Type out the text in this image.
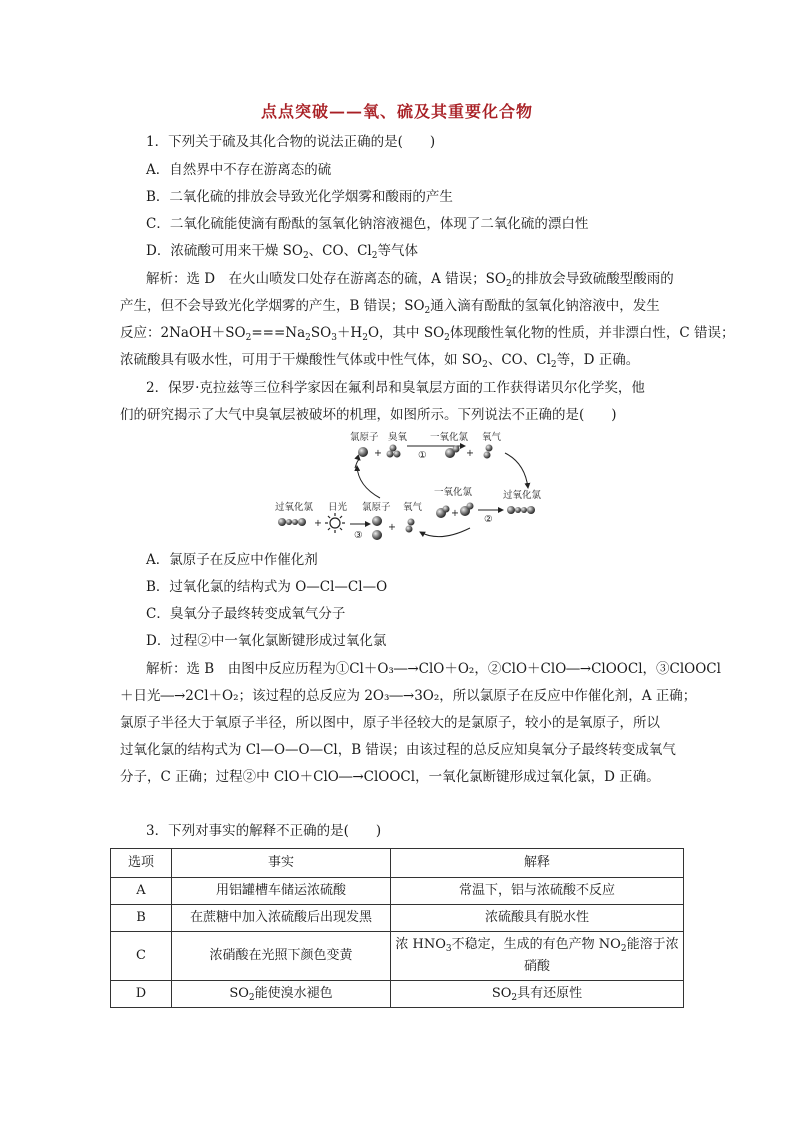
点点突破——氧、硫及其重要化合物
1．下列关于硫及其化合物的说法正确的是(　　)
A．自然界中不存在游离态的硫
B．二氧化硫的排放会导致光化学烟雾和酸雨的产生
C．二氧化硫能使滴有酚酞的氢氧化钠溶液褪色，体现了二氧化硫的漂白性
D．浓硫酸可用来干燥 $SO_2$、CO、$Cl_2$等气体
解析：选 D　在火山喷发口处存在游离态的硫，A 错误；$SO_2$的排放会导致硫酸型酸雨的
产生，但不会导致光化学烟雾的产生，B 错误；$SO_2$通入滴有酚酞的氢氧化钠溶液中，发生
反应：$2NaOH+SO_2===Na_2SO_3+H_2O$，其中 $SO_2$体现酸性氧化物的性质，并非漂白性，C 错误；
浓硫酸具有吸水性，可用于干燥酸性气体或中性气体，如 $SO_2$、CO、$Cl_2$等，D 正确。
2．保罗·克拉兹等三位科学家因在氟利昂和臭氧层方面的工作获得诺贝尔化学奖，他
们的研究揭示了大气中臭氧层被破坏的机理，如图所示。下列说法不正确的是(　　)
氯原子 臭氧 一氧化氯 氧气
+	①	+
过氧化氯 日光 氯原子 氧气
一氧化氯	过氧化氯
+
③
+
+
②
A．氯原子在反应中作催化剂
B．过氧化氯的结构式为 O—Cl—Cl—O
C．臭氧分子最终转变成氧气分子
D．过程②中一氧化氯断键形成过氧化氯
解析：选 B　由图中反应历程为①Cl＋O₃―→ClO＋O₂，②ClO＋ClO―→ClOOCl，③ClOOCl
＋日光―→2Cl＋O₂；该过程的总反应为 2O₃―→3O₂，所以氯原子在反应中作催化剂，A 正确；
氯原子半径大于氧原子半径，所以图中，原子半径较大的是氯原子，较小的是氧原子，所以
过氧化氯的结构式为 Cl—O—O—Cl，B 错误；由该过程的总反应知臭氧分子最终转变成氧气
分子，C 正确；过程②中 ClO＋ClO―→ClOOCl，一氧化氯断键形成过氧化氯，D 正确。
3．下列对事实的解释不正确的是(　　)
选项	事实	解释
A	用铝罐槽车储运浓硫酸	常温下，铝与浓硫酸不反应
B	在蔗糖中加入浓硫酸后出现发黑	浓硫酸具有脱水性
C	浓硝酸在光照下颜色变黄	浓 $HNO_3$不稳定，生成的有色产物 $NO_2$能溶于浓
硝酸
D	$SO_2$能使溴水褪色	$SO_2$具有还原性
